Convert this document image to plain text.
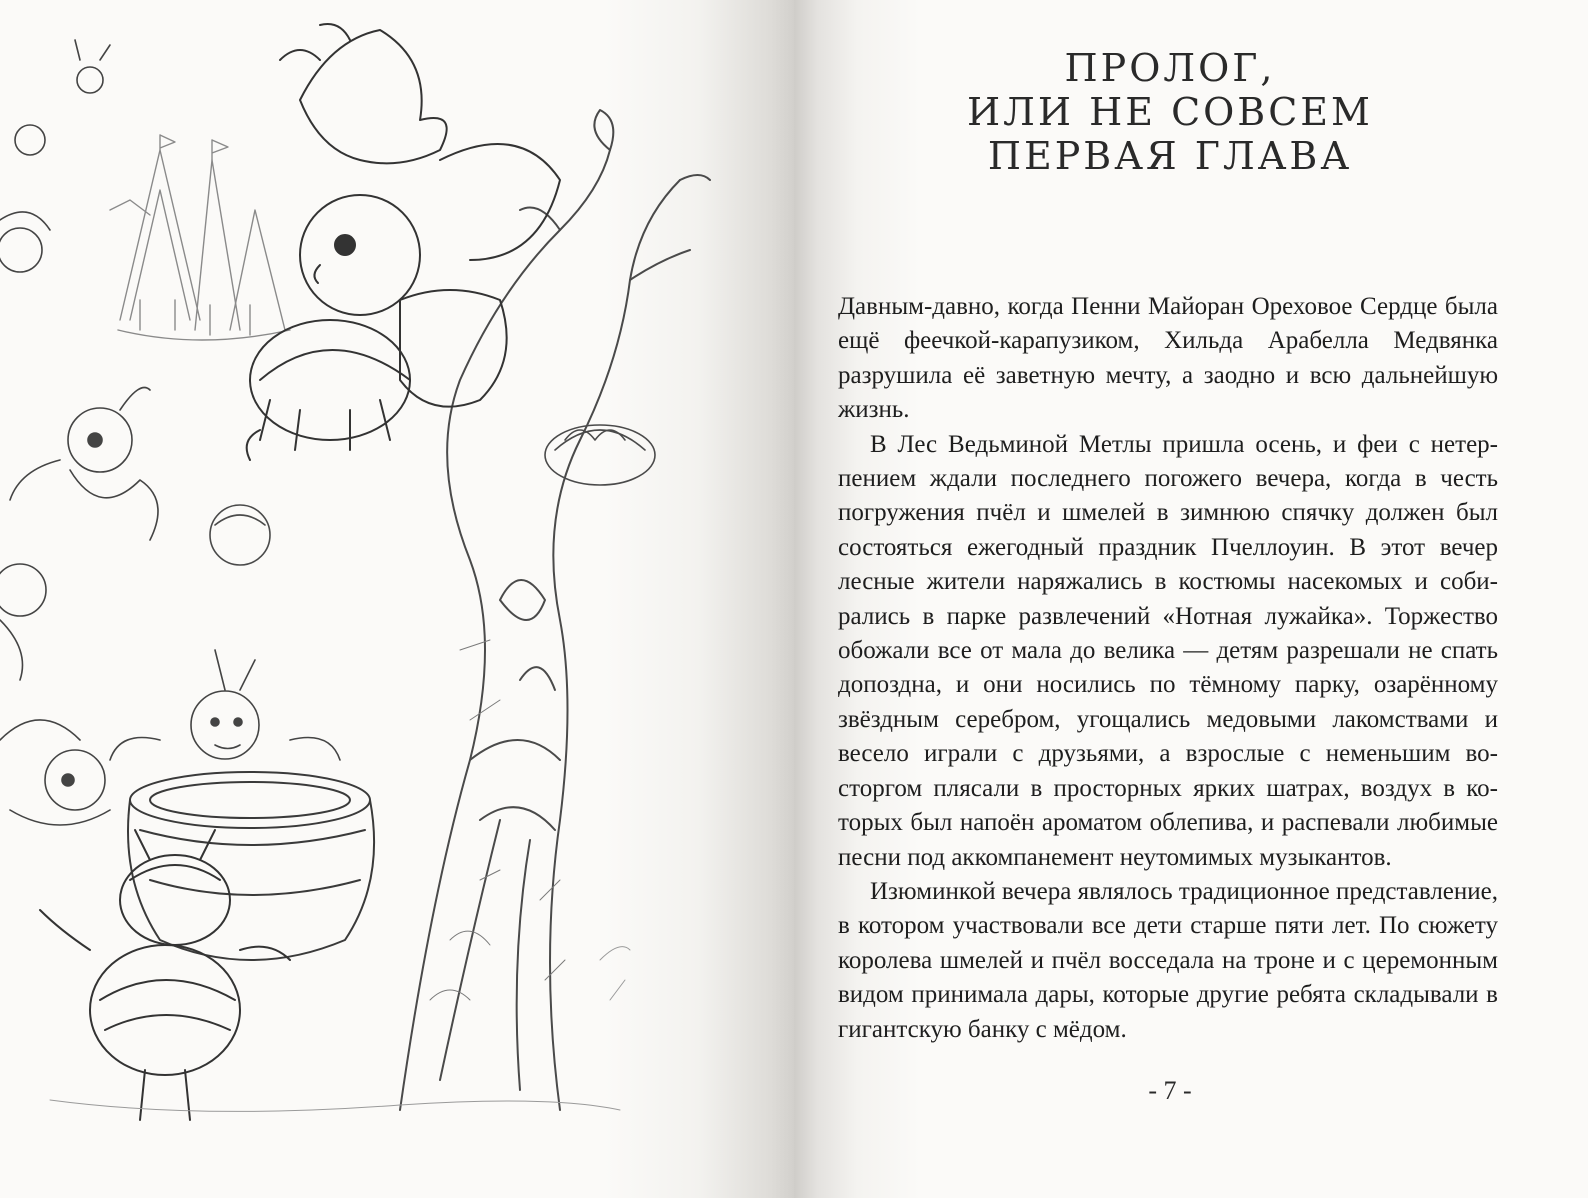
ПРОЛОГ,
ИЛИ НЕ СОВСЕМ
ПЕРВАЯ ГЛАВА

Давным-давно, когда Пенни Майоран Ореховое Сердце была ещё феечкой-карапузиком, Хильда Арабелла Медвянка разрушила её заветную мечту, а заодно и всю дальнейшую жизнь.

В Лес Ведьминой Метлы пришла осень, и феи с нетерпением ждали последнего погожего вечера, когда в честь погружения пчёл и шмелей в зимнюю спячку должен был состояться ежегодный праздник Пчеллоуин. В этот вечер лесные жители наряжались в костюмы насекомых и собирались в парке развлечений «Нотная лужайка». Торжество обожали все от мала до велика — детям разрешали не спать допоздна, и они носились по тёмному парку, озарённому звёздным серебром, угощались медовыми лакомствами и весело играли с друзьями, а взрослые с неменьшим восторгом плясали в просторных ярких шатрах, воздух в которых был напоён ароматом облепива, и распевали любимые песни под аккомпанемент неутомимых музыкантов.

Изюминкой вечера являлось традиционное представление, в котором участвовали все дети старше пяти лет. По сюжету королева шмелей и пчёл восседала на троне и с церемонным видом принимала дары, которые другие ребята складывали в гигантскую банку с мёдом.

- 7 -
